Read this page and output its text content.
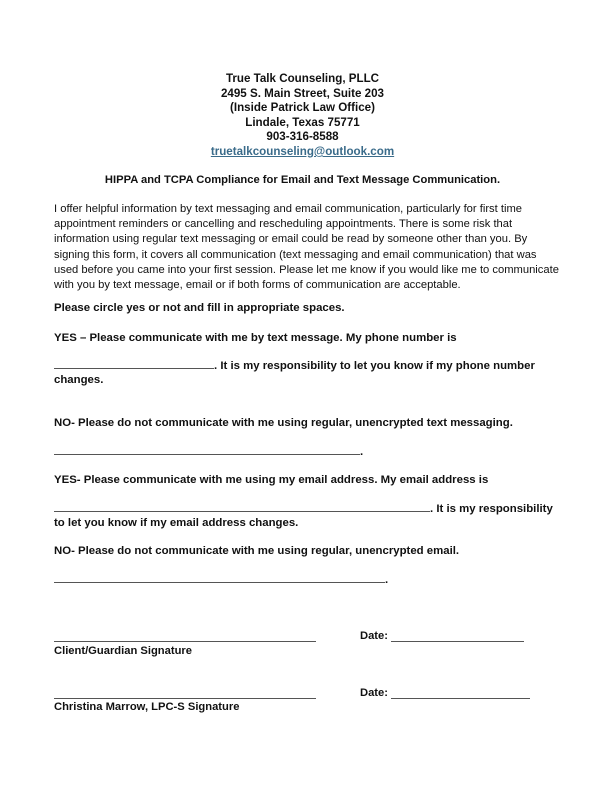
True Talk Counseling, PLLC
2495 S. Main Street, Suite 203
(Inside Patrick Law Office)
Lindale, Texas 75771
903-316-8588
truetalkcounseling@outlook.com
HIPPA and TCPA Compliance for Email and Text Message Communication.
I offer helpful information by text messaging and email communication, particularly for first time appointment reminders or cancelling and rescheduling appointments. There is some risk that information using regular text messaging or email could be read by someone other than you. By signing this form, it covers all communication (text messaging and email communication) that was used before you came into your first session. Please let me know if you would like me to communicate with you by text message, email or if both forms of communication are acceptable.
Please circle yes or not and fill in appropriate spaces.
YES – Please communicate with me by text message. My phone number is
. It is my responsibility to let you know if my phone number
changes.
NO- Please do not communicate with me using regular, unencrypted text messaging.
.
YES- Please communicate with me using my email address. My email address is
. It is my responsibility
to let you know if my email address changes.
NO- Please do not communicate with me using regular, unencrypted email.
.
Date:
Client/Guardian Signature
Date:
Christina Marrow, LPC-S Signature
